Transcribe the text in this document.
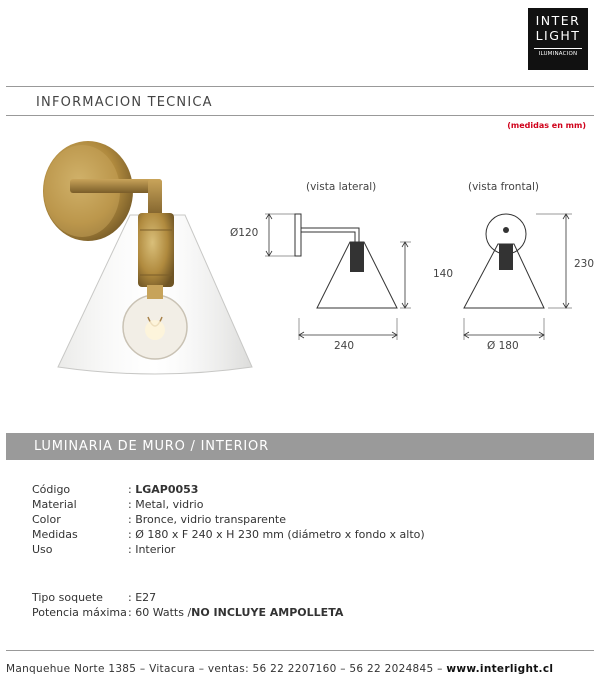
INTER
LIGHT
ILUMINACION
INFORMACION TECNICA
(medidas en mm)
(vista lateral)
Ø120
140
240
(vista frontal)
230
Ø 180
LUMINARIA DE MURO / INTERIOR
Código	: LGAP0053
Material	: Metal, vidrio
Color	: Bronce, vidrio transparente
Medidas	: Ø 180 x F 240 x H 230 mm (diámetro x fondo x alto)
Uso	: Interior
Tipo soquete : E27
Potencia máxima: 60 Watts /NO INCLUYE AMPOLLETA
Manquehue Norte 1385 – Vitacura – ventas: 56 22 2207160 – 56 22 2024845 – www.interlight.cl
